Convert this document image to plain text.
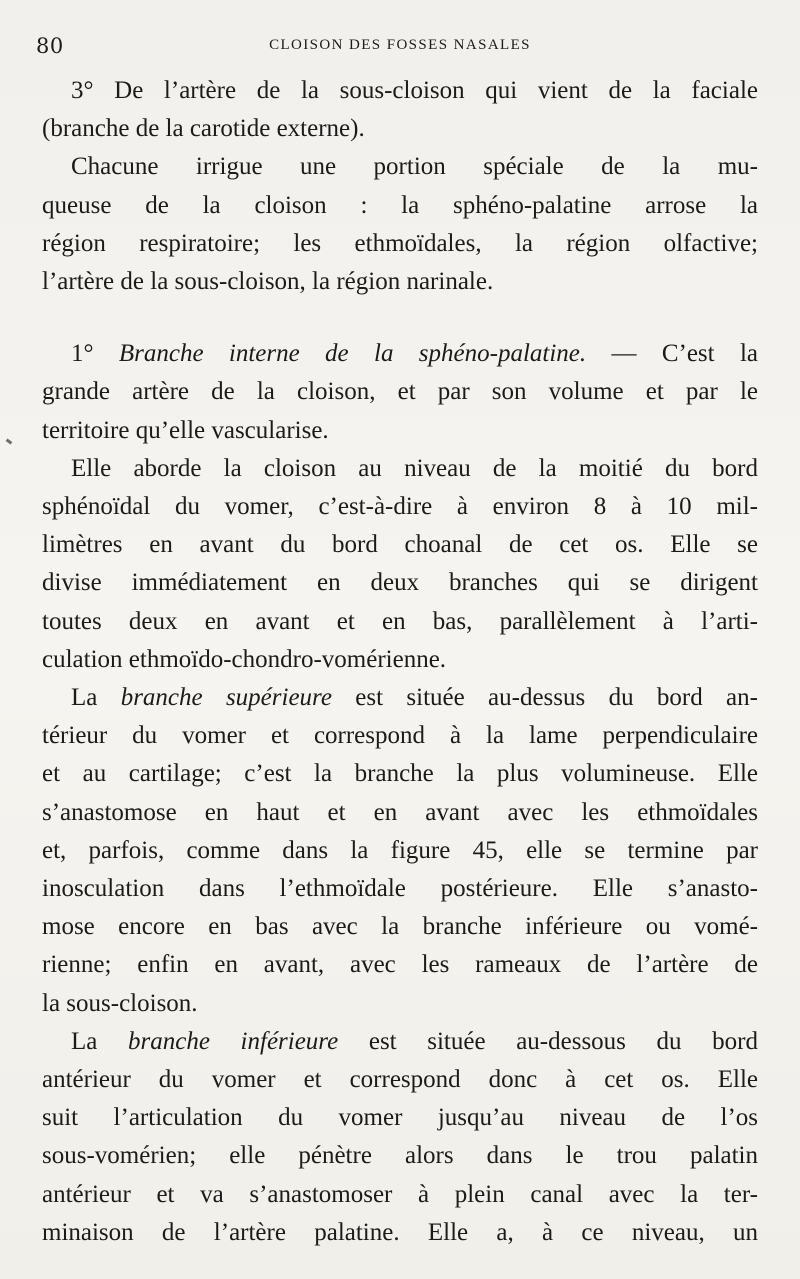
80	CLOISON DES FOSSES NASALES
3° De l’artère de la sous-cloison qui vient de la faciale
(branche de la carotide externe).
Chacune irrigue une portion spéciale de la mu-
queuse de la cloison : la sphéno-palatine arrose la
région respiratoire; les ethmoïdales, la région olfactive;
l’artère de la sous-cloison, la région narinale.
1° Branche interne de la sphéno-palatine. — C’est la
grande artère de la cloison, et par son volume et par le
territoire qu’elle vascularise.
Elle aborde la cloison au niveau de la moitié du bord
sphénoïdal du vomer, c’est-à-dire à environ 8 à 10 mil-
limètres en avant du bord choanal de cet os. Elle se
divise immédiatement en deux branches qui se dirigent
toutes deux en avant et en bas, parallèlement à l’arti-
culation ethmoïdo-chondro-vomérienne.
La branche supérieure est située au-dessus du bord an-
térieur du vomer et correspond à la lame perpendiculaire
et au cartilage; c’est la branche la plus volumineuse. Elle
s’anastomose en haut et en avant avec les ethmoïdales
et, parfois, comme dans la figure 45, elle se termine par
inosculation dans l’ethmoïdale postérieure. Elle s’anasto-
mose encore en bas avec la branche inférieure ou vomé-
rienne; enfin en avant, avec les rameaux de l’artère de
la sous-cloison.
La branche inférieure est située au-dessous du bord
antérieur du vomer et correspond donc à cet os. Elle
suit l’articulation du vomer jusqu’au niveau de l’os
sous-vomérien; elle pénètre alors dans le trou palatin
antérieur et va s’anastomoser à plein canal avec la ter-
minaison de l’artère palatine. Elle a, à ce niveau, un
